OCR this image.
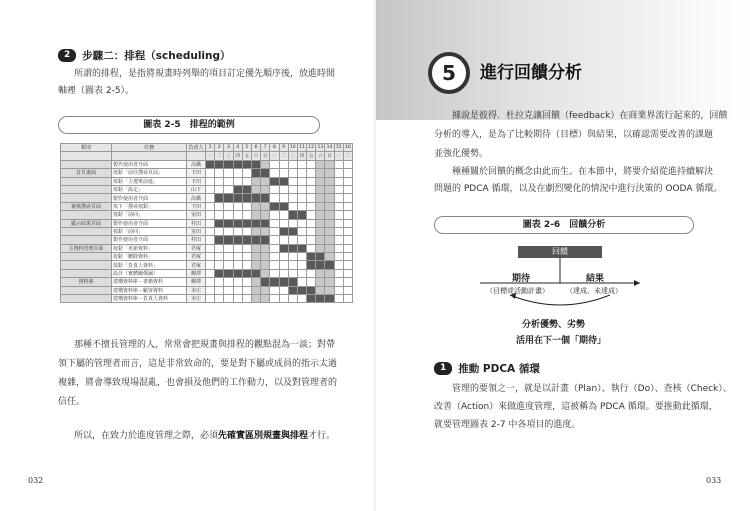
2	步驟二：排程（scheduling）
所謂的排程，是指將規畫時列舉的項目訂定優先順序後，放進時間
軸裡（圖表 2-5）。
圖表 2-5　排程的範例
類別	任務	負責人	1	2	3	4	5	6	7	8	9	10	11	12	13	14	15	16
			一	二	三	四	五	六	日	一	二	三	四	五	六	日	一	二
	製作使用者介面	高橋																
首頁畫面	按鈕「前往搜尋頁面」	下田																
	按鈕「主選單前進」	下田																
	按鈕「設定」	山下																
	製作使用者介面	高橋																
審核搜尋頁面	按下「搜尋按鈕」	下田																
	按鈕「前回」	室田																
顯示結果頁面	製作使用者介面	村田																
	按鈕「前回」	室田																
	製作使用者介面	村田																
主資料管理頁面	按鈕「更新資料」	君塚																
	按鈕「刪除資料」	君塚																
	按鈕「負責人資料」	君塚																
	設計（實體關係圖）	柳澤																
資料庫	建構資料庫－書籍資料	柳澤																
	建構資料庫－顧客資料	本庄																
	建構資料庫－負責人資料	本庄																
那種不擅長管理的人，常常會把規畫與排程的觀點混為一談；對帶
領下屬的管理者而言，這是非常致命的，要是對下屬或成員的指示太過
複雜，將會導致現場混亂，也會損及他們的工作動力，以及對管理者的
信任。
所以，在致力於進度管理之際，必須先確實區別規畫與排程才行。
032
5	進行回饋分析
據說是彼得．杜拉克讓回饋（feedback）在商業界流行起來的，回饋
分析的導入，是為了比較期待（目標）與結果，以確認需要改善的課題
並強化優勢。
種種關於回饋的概念由此而生。在本節中，將要介紹從進持續解決
問題的 PDCA 循環，以及在劇烈變化的情況中進行決策的 OODA 循環。
圖表 2-6　回饋分析
回饋
期待
（目標或活動計畫）
結果
（達成、未達成）
分析優勢、劣勢
活用在下一個「期待」
1	推動 PDCA 循環
管理的要領之一，就是以計畫（Plan）、執行（Do）、查核（Check）、
改善（Action）來做進度管理，這被稱為 PDCA 循環。要推動此循環，
就要管理圖表 2-7 中各項目的進度。
033
